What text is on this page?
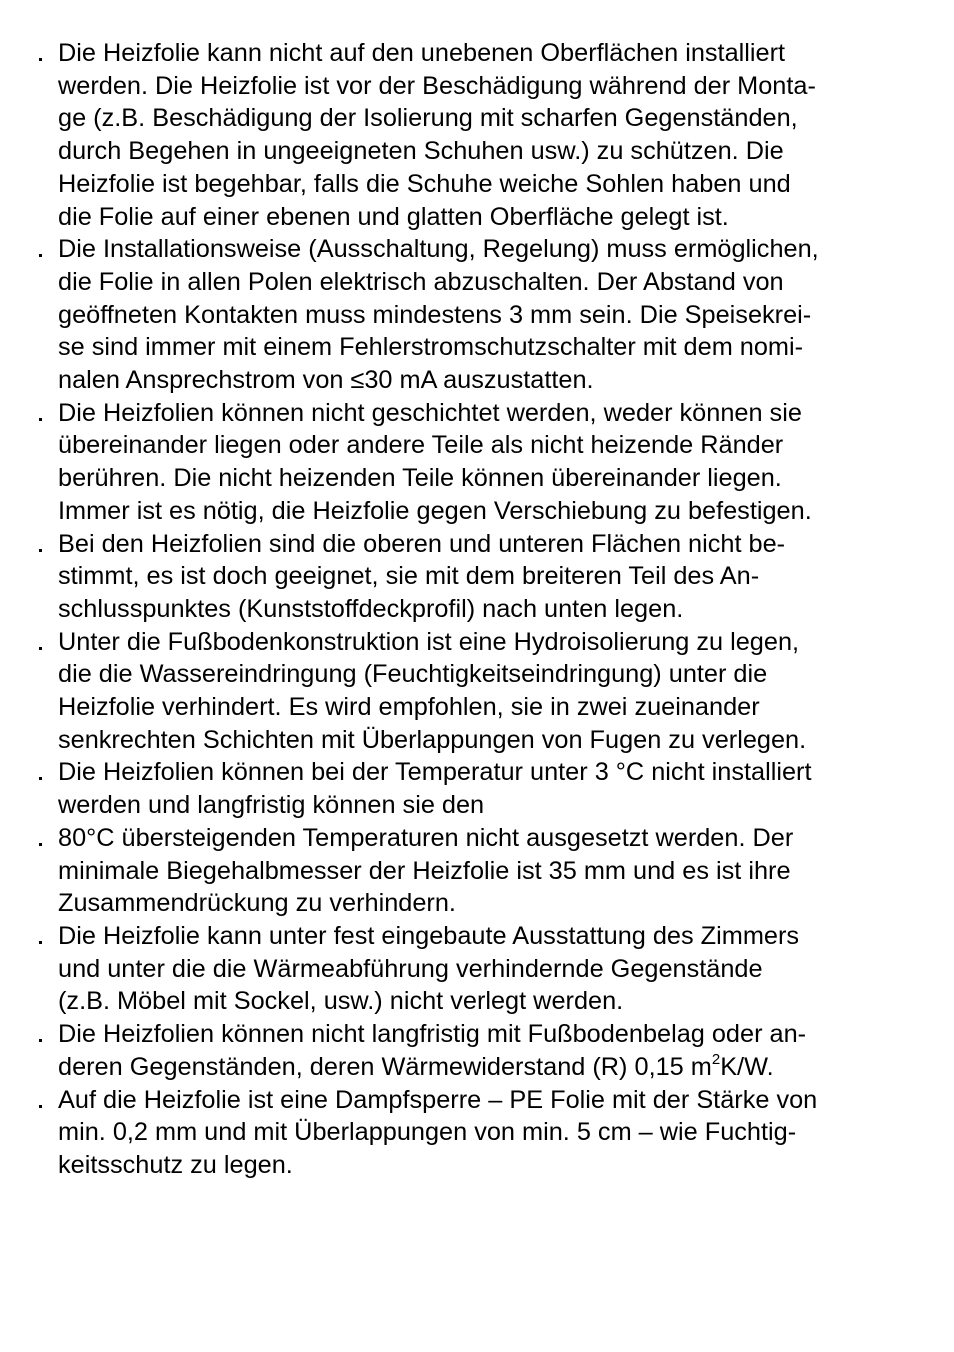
Die Heizfolie kann nicht auf den unebenen Oberflächen installiert
werden. Die Heizfolie ist vor der Beschädigung während der Monta-
ge (z.B. Beschädigung der Isolierung mit scharfen Gegenständen,
durch Begehen in ungeeigneten Schuhen usw.) zu schützen. Die
Heizfolie ist begehbar, falls die Schuhe weiche Sohlen haben und
die Folie auf einer ebenen und glatten Oberfläche gelegt ist.
Die Installationsweise (Ausschaltung, Regelung) muss ermöglichen,
die Folie in allen Polen elektrisch abzuschalten. Der Abstand von
geöffneten Kontakten muss mindestens 3 mm sein. Die Speisekrei-
se sind immer mit einem Fehlerstromschutzschalter mit dem nomi-
nalen Ansprechstrom von ≤30 mA auszustatten.
Die Heizfolien können nicht geschichtet werden, weder können sie
übereinander liegen oder andere Teile als nicht heizende Ränder
berühren. Die nicht heizenden Teile können übereinander liegen.
Immer ist es nötig, die Heizfolie gegen Verschiebung zu befestigen.
Bei den Heizfolien sind die oberen und unteren Flächen nicht be-
stimmt, es ist doch geeignet, sie mit dem breiteren Teil des An-
schlusspunktes (Kunststoffdeckprofil) nach unten legen.
Unter die Fußbodenkonstruktion ist eine Hydroisolierung zu legen,
die die Wassereindringung (Feuchtigkeitseindringung) unter die
Heizfolie verhindert. Es wird empfohlen, sie in zwei zueinander
senkrechten Schichten mit Überlappungen von Fugen zu verlegen.
Die Heizfolien können bei der Temperatur unter 3 °C nicht installiert
werden und langfristig können sie den
80°C übersteigenden Temperaturen nicht ausgesetzt werden. Der
minimale Biegehalbmesser der Heizfolie ist 35 mm und es ist ihre
Zusammendrückung zu verhindern.
Die Heizfolie kann unter fest eingebaute Ausstattung des Zimmers
und unter die die Wärmeabführung verhindernde Gegenstände
(z.B. Möbel mit Sockel, usw.) nicht verlegt werden.
Die Heizfolien können nicht langfristig mit Fußbodenbelag oder an-
deren Gegenständen, deren Wärmewiderstand (R) 0,15 $m^2K/W$.
Auf die Heizfolie ist eine Dampfsperre – PE Folie mit der Stärke von
min. 0,2 mm und mit Überlappungen von min. 5 cm – wie Fuchtig-
keitsschutz zu legen.
